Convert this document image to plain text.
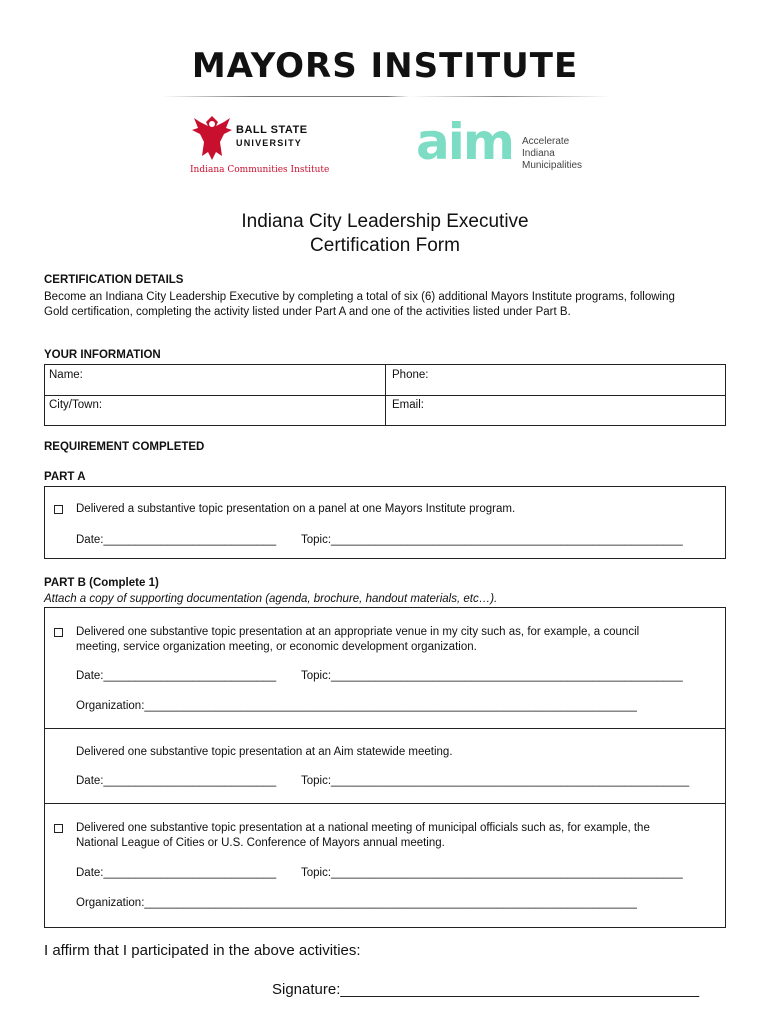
MAYORS INSTITUTE
BALL STATE
UNIVERSITY
Indiana Communities Institute aim Accelerate
Indiana
Municipalities
Indiana City Leadership Executive
Certification Form
CERTIFICATION DETAILS
Become an Indiana City Leadership Executive by completing a total of six (6) additional Mayors Institute programs, following
Gold certification, completing the activity listed under Part A and one of the activities listed under Part B.
YOUR INFORMATION
Name:	Phone:
City/Town:	Email:
REQUIREMENT COMPLETED
PART A
Delivered a substantive topic presentation on a panel at one Mayors Institute program.
Date:___________________________ Topic:_______________________________________________________
PART B (Complete 1)
Attach a copy of supporting documentation (agenda, brochure, handout materials, etc…).
Delivered one substantive topic presentation at an appropriate venue in my city such as, for example, a council
meeting, service organization meeting, or economic development organization.
Date:___________________________ Topic:_______________________________________________________
Organization:_____________________________________________________________________________
Delivered one substantive topic presentation at an Aim statewide meeting.
Date:___________________________ Topic:________________________________________________________
Delivered one substantive topic presentation at a national meeting of municipal officials such as, for example, the
National League of Cities or U.S. Conference of Mayors annual meeting.
Date:___________________________ Topic:_______________________________________________________
Organization:_____________________________________________________________________________
I affirm that I participated in the above activities:
Signature:___________________________________________
